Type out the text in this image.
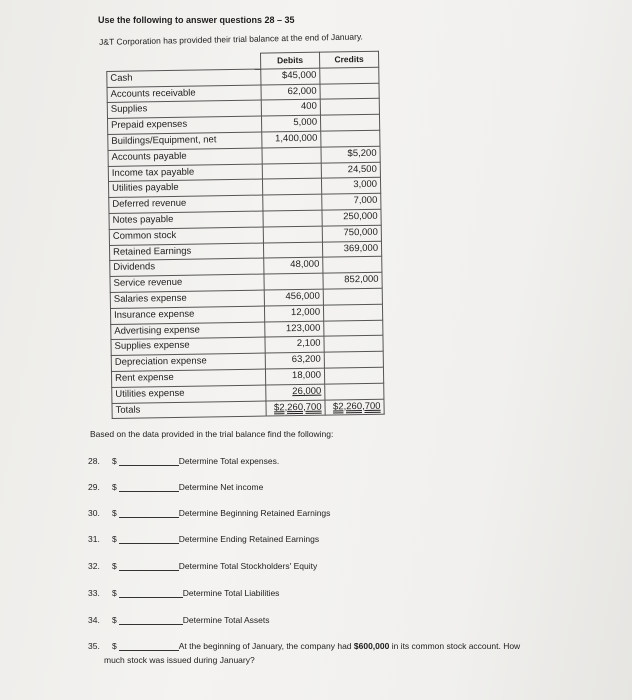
Use the following to answer questions 28 – 35
J&T Corporation has provided their trial balance at the end of January.
	Debits	Credits
Cash	$45,000	
Accounts receivable	62,000	
Supplies	400	
Prepaid expenses	5,000	
Buildings/Equipment, net	1,400,000	
Accounts payable		$5,200
Income tax payable		24,500
Utilities payable		3,000
Deferred revenue		7,000
Notes payable		250,000
Common stock		750,000
Retained Earnings		369,000
Dividends	48,000	
Service revenue		852,000
Salaries expense	456,000	
Insurance expense	12,000	
Advertising expense	123,000	
Supplies expense	2,100	
Depreciation expense	63,200	
Rent expense	18,000	
Utilities expense	26,000	
Totals	$2,260,700	$2,260,700
Based on the data provided in the trial balance find the following:
28. $	Determine Total expenses.
29. $	Determine Net income
30. $	Determine Beginning Retained Earnings
31. $	Determine Ending Retained Earnings
32. $	Determine Total Stockholders' Equity
33. $	Determine Total Liabilities
34. $	Determine Total Assets
35. $	At the beginning of January, the company had $600,000 in its common stock account. How
much stock was issued during January?
